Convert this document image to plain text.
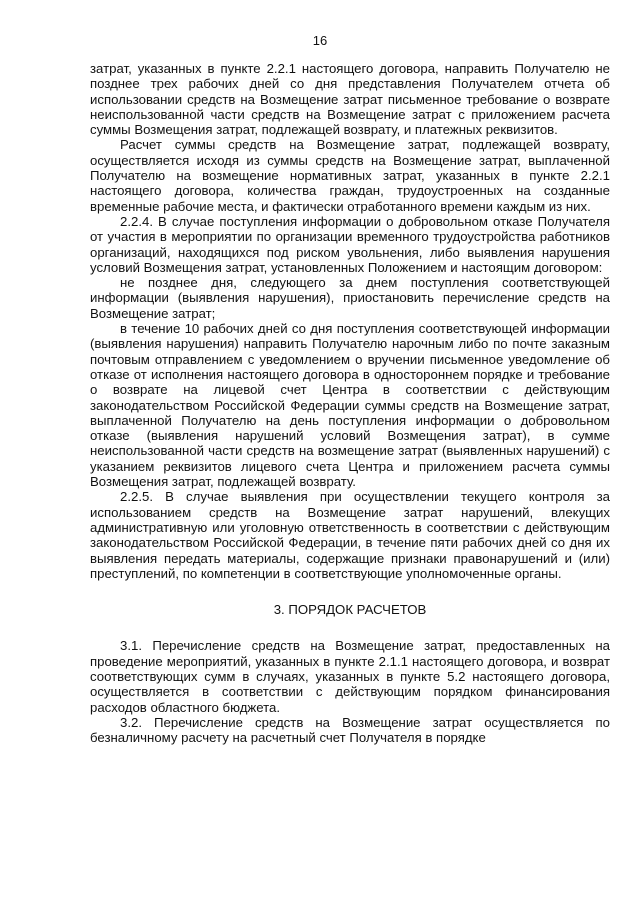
16

затрат, указанных в пункте 2.2.1 настоящего договора, направить Получателю не позднее трех рабочих дней со дня представления Получателем отчета об использовании средств на Возмещение затрат письменное требование о возврате неиспользованной части средств на Возмещение затрат с приложением расчета суммы Возмещения затрат, подлежащей возврату, и платежных реквизитов.

Расчет суммы средств на Возмещение затрат, подлежащей возврату, осуществляется исходя из суммы средств на Возмещение затрат, выплаченной Получателю на возмещение нормативных затрат, указанных в пункте 2.2.1 настоящего договора, количества граждан, трудоустроенных на созданные временные рабочие места, и фактически отработанного времени каждым из них.

2.2.4. В случае поступления информации о добровольном отказе Получателя от участия в мероприятии по организации временного трудоустройства работников организаций, находящихся под риском увольнения, либо выявления нарушения условий Возмещения затрат, установленных Положением и настоящим договором:

не позднее дня, следующего за днем поступления соответствующей информации (выявления нарушения), приостановить перечисление средств на Возмещение затрат;

в течение 10 рабочих дней со дня поступления соответствующей информации (выявления нарушения) направить Получателю нарочным либо по почте заказным почтовым отправлением с уведомлением о вручении письменное уведомление об отказе от исполнения настоящего договора в одностороннем порядке и требование о возврате на лицевой счет Центра в соответствии с действующим законодательством Российской Федерации суммы средств на Возмещение затрат, выплаченной Получателю на день поступления информации о добровольном отказе (выявления нарушений условий Возмещения затрат), в сумме неиспользованной части средств на возмещение затрат (выявленных нарушений) с указанием реквизитов лицевого счета Центра и приложением расчета суммы Возмещения затрат, подлежащей возврату.

2.2.5. В случае выявления при осуществлении текущего контроля за использованием средств на Возмещение затрат нарушений, влекущих административную или уголовную ответственность в соответствии с действующим законодательством Российской Федерации, в течение пяти рабочих дней со дня их выявления передать материалы, содержащие признаки правонарушений и (или) преступлений, по компетенции в соответствующие уполномоченные органы.

3. ПОРЯДОК РАСЧЕТОВ

3.1. Перечисление средств на Возмещение затрат, предоставленных на проведение мероприятий, указанных в пункте 2.1.1 настоящего договора, и возврат соответствующих сумм в случаях, указанных в пункте 5.2 настоящего договора, осуществляется в соответствии с действующим порядком финансирования расходов областного бюджета.

3.2. Перечисление средств на Возмещение затрат осуществляется по безналичному расчету на расчетный счет Получателя в порядке
